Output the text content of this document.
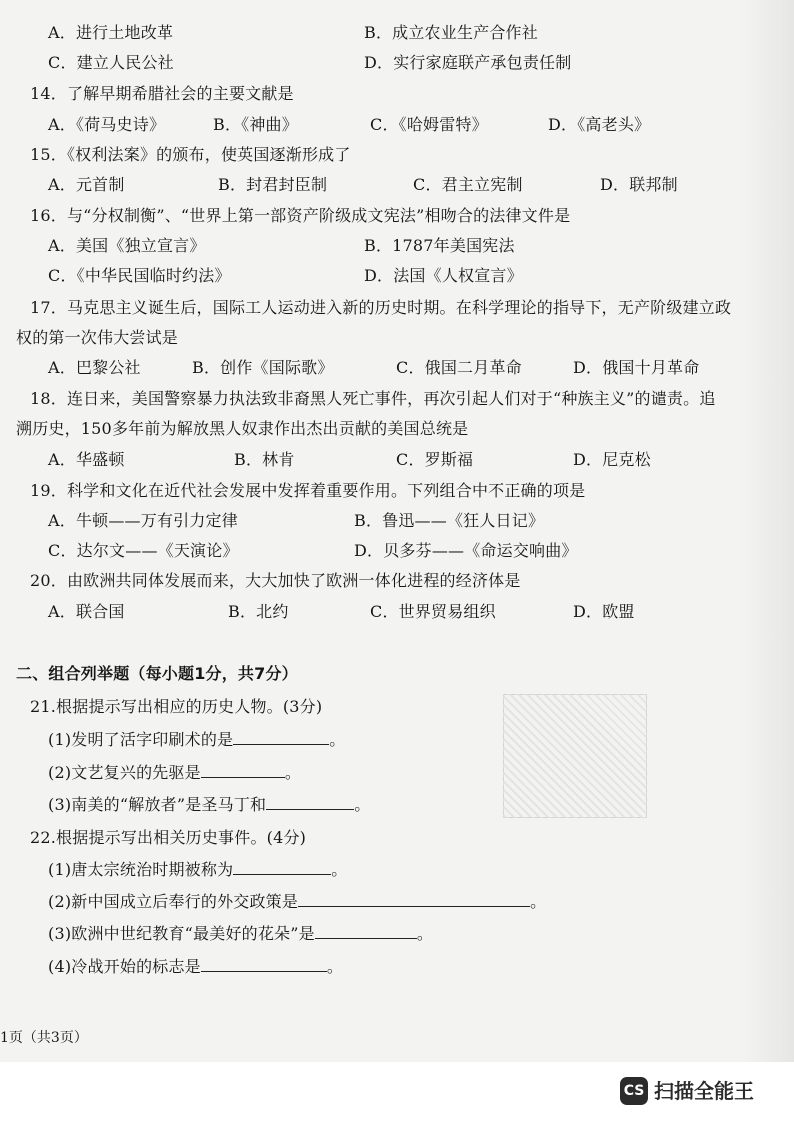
A．进行土地改革	B．成立农业生产合作社
C．建立人民公社	D．实行家庭联产承包责任制
14．了解早期希腊社会的主要文献是
A．《荷马史诗》	B．《神曲》	C．《哈姆雷特》	D．《高老头》
15．《权利法案》的颁布，使英国逐渐形成了
A．元首制	B．封君封臣制	C．君主立宪制	D．联邦制
16．与“分权制衡”、“世界上第一部资产阶级成文宪法”相吻合的法律文件是
A．美国《独立宣言》	B．1787年美国宪法
C．《中华民国临时约法》	D．法国《人权宣言》
17．马克思主义诞生后，国际工人运动进入新的历史时期。在科学理论的指导下，无产阶级建立政
权的第一次伟大尝试是
A．巴黎公社	B．创作《国际歌》	C．俄国二月革命	D．俄国十月革命
18．连日来，美国警察暴力执法致非裔黑人死亡事件，再次引起人们对于“种族主义”的谴责。追
溯历史，150多年前为解放黑人奴隶作出杰出贡献的美国总统是
A．华盛顿	B．林肯	C．罗斯福	D．尼克松
19．科学和文化在近代社会发展中发挥着重要作用。下列组合中不正确的项是
A．牛顿——万有引力定律	B．鲁迅——《狂人日记》
C．达尔文——《天演论》	D．贝多芬——《命运交响曲》
20．由欧洲共同体发展而来，大大加快了欧洲一体化进程的经济体是
A．联合国	B．北约	C．世界贸易组织	D．欧盟
二、组合列举题（每小题1分，共7分）
21.根据提示写出相应的历史人物。(3分)
(1)发明了活字印刷术的是	。
(2)文艺复兴的先驱是	。
(3)南美的“解放者”是圣马丁和	。
22.根据提示写出相关历史事件。(4分)
(1)唐太宗统治时期被称为	。
(2)新中国成立后奉行的外交政策是	。
(3)欧洲中世纪教育“最美好的花朵”是	。
(4)冷战开始的标志是	。
1页（共3页）
CS 扫描全能王
